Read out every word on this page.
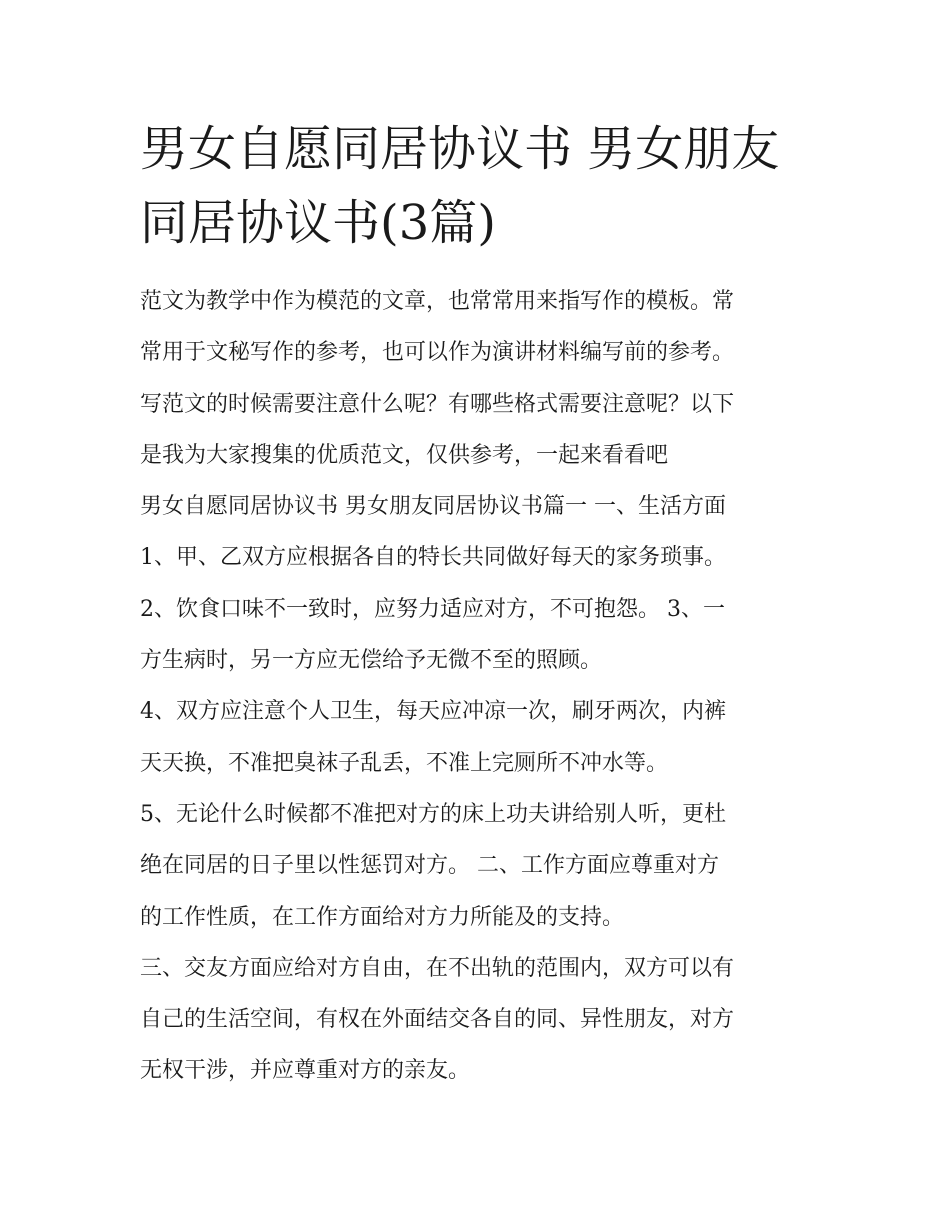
男女自愿同居协议书 男女朋友
同居协议书(3篇)
范文为教学中作为模范的文章，也常常用来指写作的模板。常
常用于文秘写作的参考，也可以作为演讲材料编写前的参考。
写范文的时候需要注意什么呢？有哪些格式需要注意呢？以下
是我为大家搜集的优质范文，仅供参考，一起来看看吧
男女自愿同居协议书 男女朋友同居协议书篇一 一、生活方面
1、甲、乙双方应根据各自的特长共同做好每天的家务琐事。
2、饮食口味不一致时，应努力适应对方，不可抱怨。 3、一
方生病时，另一方应无偿给予无微不至的照顾。
4、双方应注意个人卫生，每天应冲凉一次，刷牙两次，内裤
天天换，不准把臭袜子乱丢，不准上完厕所不冲水等。
5、无论什么时候都不准把对方的床上功夫讲给别人听，更杜
绝在同居的日子里以性惩罚对方。 二、工作方面应尊重对方
的工作性质，在工作方面给对方力所能及的支持。
三、交友方面应给对方自由，在不出轨的范围内，双方可以有
自己的生活空间，有权在外面结交各自的同、异性朋友，对方
无权干涉，并应尊重对方的亲友。
